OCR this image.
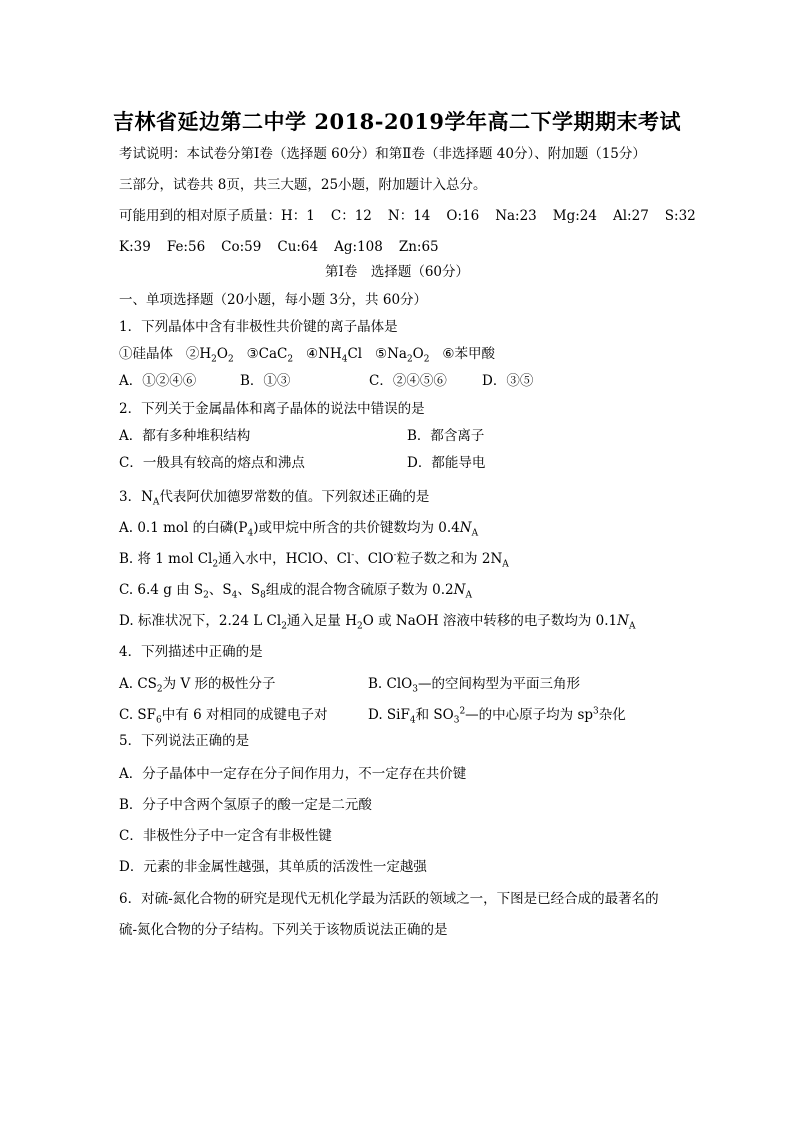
吉林省延边第二中学 2018-2019学年高二下学期期末考试
考试说明：本试卷分第Ⅰ卷（选择题 60分）和第Ⅱ卷（非选择题 40分）、附加题（15分）
三部分，试卷共 8页，共三大题，25小题，附加题计入总分。
可能用到的相对原子质量：H：1 C：12 N：14 O:16 Na:23 Mg:24 Al:27 S:32
K:39 Fe:56 Co:59 Cu:64 Ag:108 Zn:65
第Ⅰ卷　选择题（60分）
一、单项选择题（20小题，每小题 3分，共 60分）
1．下列晶体中含有非极性共价键的离子晶体是
①硅晶体 $②H_2O_2$ ③CaC$_2$ $④NH_4Cl$ $⑤Na_2O_2$ ⑥苯甲酸
A．①②④⑥	B．①③	C．②④⑤⑥	D．③⑤
2．下列关于金属晶体和离子晶体的说法中错误的是
A．都有多种堆积结构	B．都含离子
C．一般具有较高的熔点和沸点	D．都能导电
3．$N_A$代表阿伏加德罗常数的值。下列叙述正确的是
A. 0.1 mol 的白磷$(P_4)$或甲烷中所含的共价键数均为 $0.4N_A$
B. 将 1 mol $Cl_2$通入水中，HClO、Cl-、ClO-粒子数之和为 $2N_A$
C. 6.4 g 由 $S_2$、$S_4$、$S_8$组成的混合物含硫原子数为 $0.2N_A$
D. 标准状况下，2.24 L $Cl_2$通入足量 $H_2O$ 或 NaOH 溶液中转移的电子数均为 $0.1N_A$
4．下列描述中正确的是
A. $CS_2$为 V 形的极性分子	B. ClO$_3$—的空间构型为平面三角形
C. $SF_6$中有 6 对相同的成键电子对	D. SiF$_4$和 $SO_3^2—$的中心原子均为 $sp^3$杂化
5．下列说法正确的是
A．分子晶体中一定存在分子间作用力，不一定存在共价键
B．分子中含两个氢原子的酸一定是二元酸
C．非极性分子中一定含有非极性键
D．元素的非金属性越强，其单质的活泼性一定越强
6．对硫-氮化合物的研究是现代无机化学最为活跃的领域之一，下图是已经合成的最著名的
硫-氮化合物的分子结构。下列关于该物质说法正确的是
